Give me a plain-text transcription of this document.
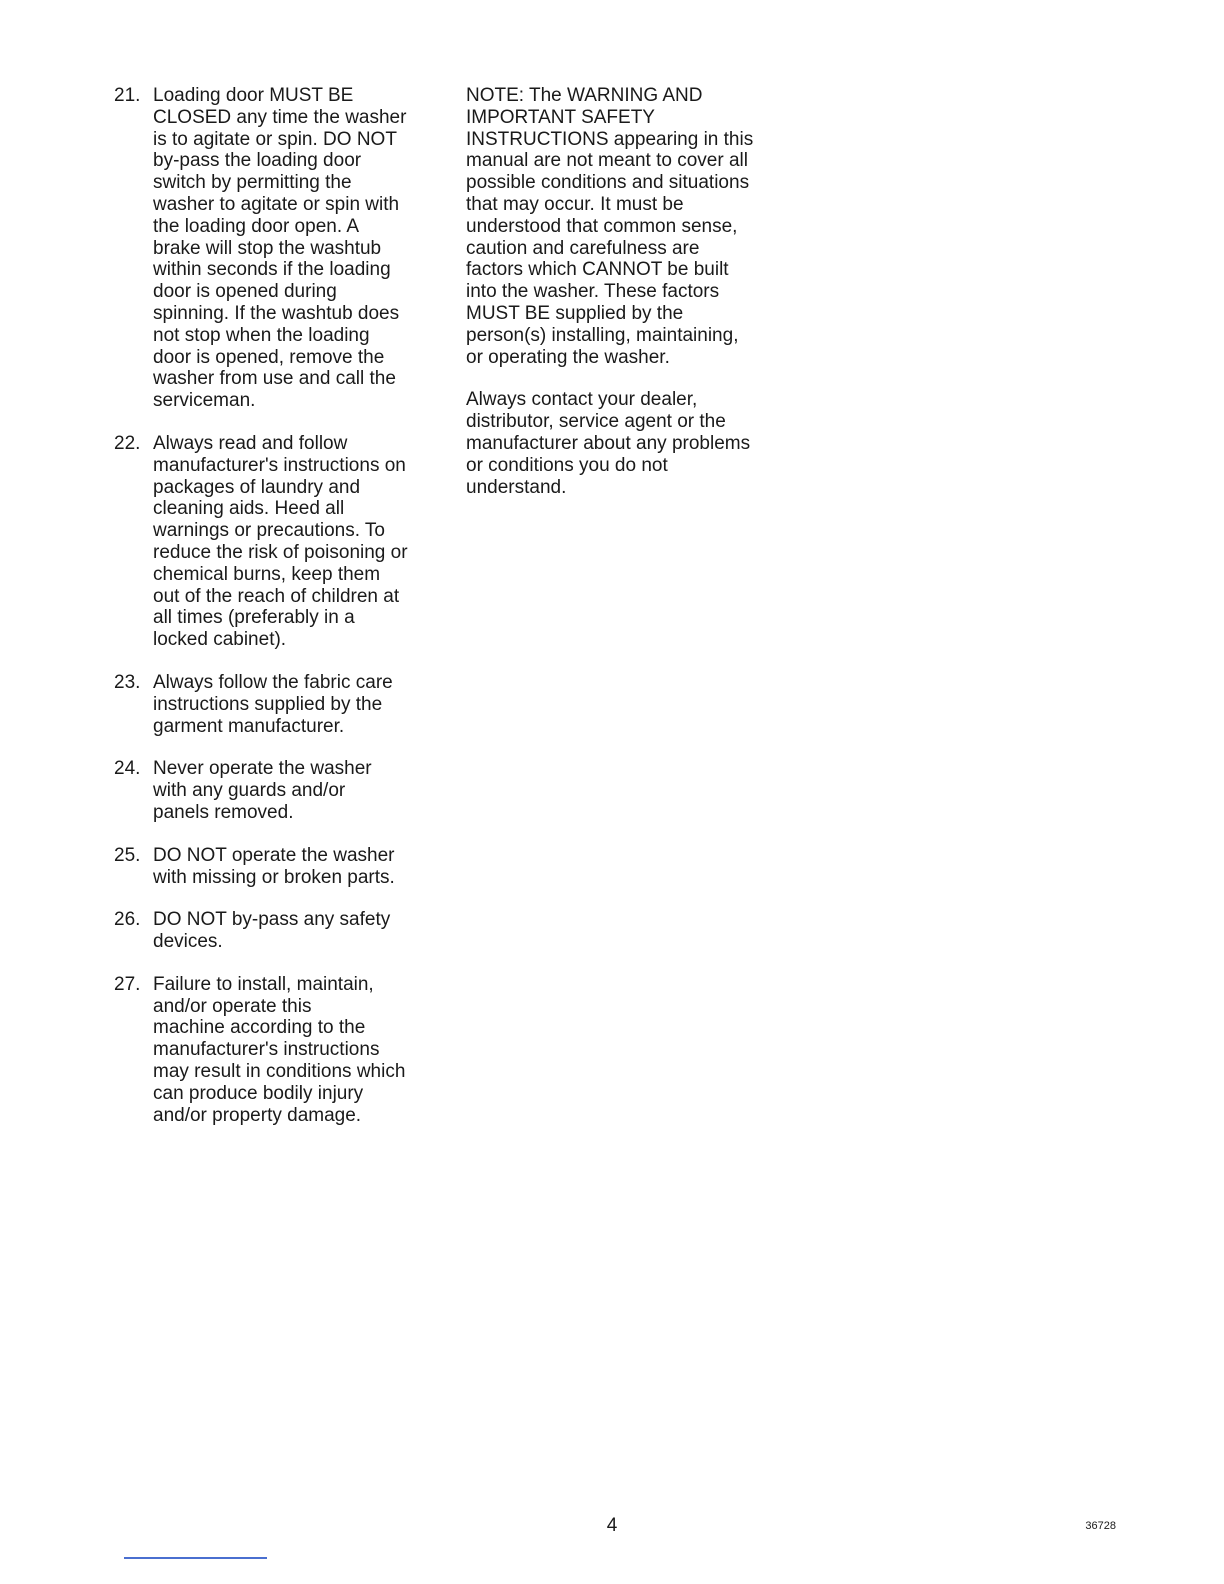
21. Loading door MUST BE
CLOSED any time the washer
is to agitate or spin. DO NOT
by-pass the loading door
switch by permitting the
washer to agitate or spin with
the loading door open. A
brake will stop the washtub
within seconds if the loading
door is opened during
spinning. If the washtub does
not stop when the loading
door is opened, remove the
washer from use and call the
serviceman.
22. Always read and follow
manufacturer's instructions on
packages of laundry and
cleaning aids. Heed all
warnings or precautions. To
reduce the risk of poisoning or
chemical burns, keep them
out of the reach of children at
all times (preferably in a
locked cabinet).
23. Always follow the fabric care
instructions supplied by the
garment manufacturer.
24. Never operate the washer
with any guards and/or
panels removed.
25. DO NOT operate the washer
with missing or broken parts.
26. DO NOT by-pass any safety
devices.
27. Failure to install, maintain,
and/or operate this
machine according to the
manufacturer's instructions
may result in conditions which
can produce bodily injury
and/or property damage.

NOTE: The WARNING AND
IMPORTANT SAFETY
INSTRUCTIONS appearing in this
manual are not meant to cover all
possible conditions and situations
that may occur. It must be
understood that common sense,
caution and carefulness are
factors which CANNOT be built
into the washer. These factors
MUST BE supplied by the
person(s) installing, maintaining,
or operating the washer.

Always contact your dealer,
distributor, service agent or the
manufacturer about any problems
or conditions you do not
understand.

4	36728
